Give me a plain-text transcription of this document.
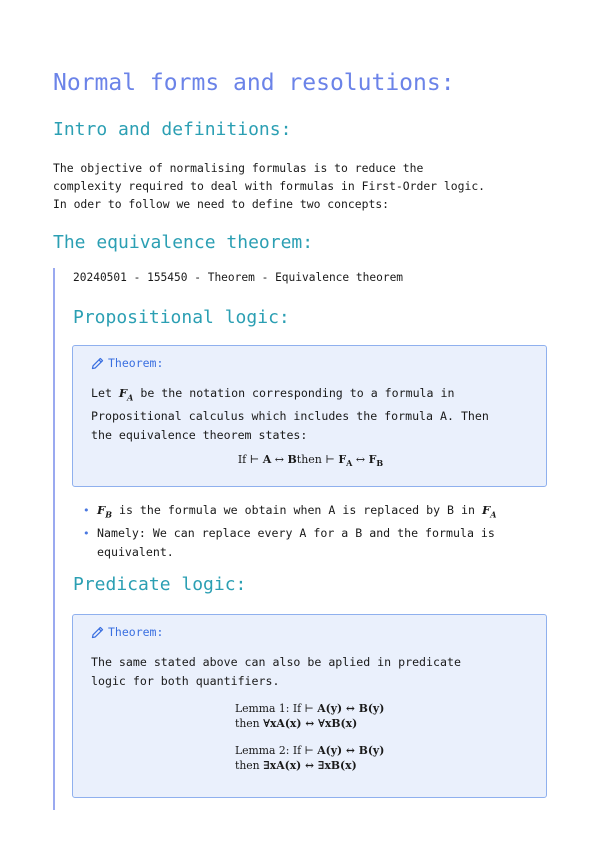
Normal forms and resolutions:
Intro and definitions:
The objective of normalising formulas is to reduce the
complexity required to deal with formulas in First-Order logic.
In oder to follow we need to define two concepts:
The equivalence theorem:
20240501 - 155450 - Theorem - Equivalence theorem
Propositional logic:
Theorem:
Let $F_A$ be the notation corresponding to a formula in
Propositional calculus which includes the formula A. Then
the equivalence theorem states:
If ⊢ A ↔ Bthen ⊢ $F_A$ ↔ $F_B$
• $F_B$ is the formula we obtain when A is replaced by B in $F_A$
• Namely: We can replace every A for a B and the formula is
equivalent.
Predicate logic:
Theorem:
The same stated above can also be aplied in predicate
logic for both quantifiers.
Lemma 1: If ⊢ A(y) ↔ B(y)
then ∀xA(x) ↔ ∀xB(x)
Lemma 2: If ⊢ A(y) ↔ B(y)
then ∃xA(x) ↔ ∃xB(x)
